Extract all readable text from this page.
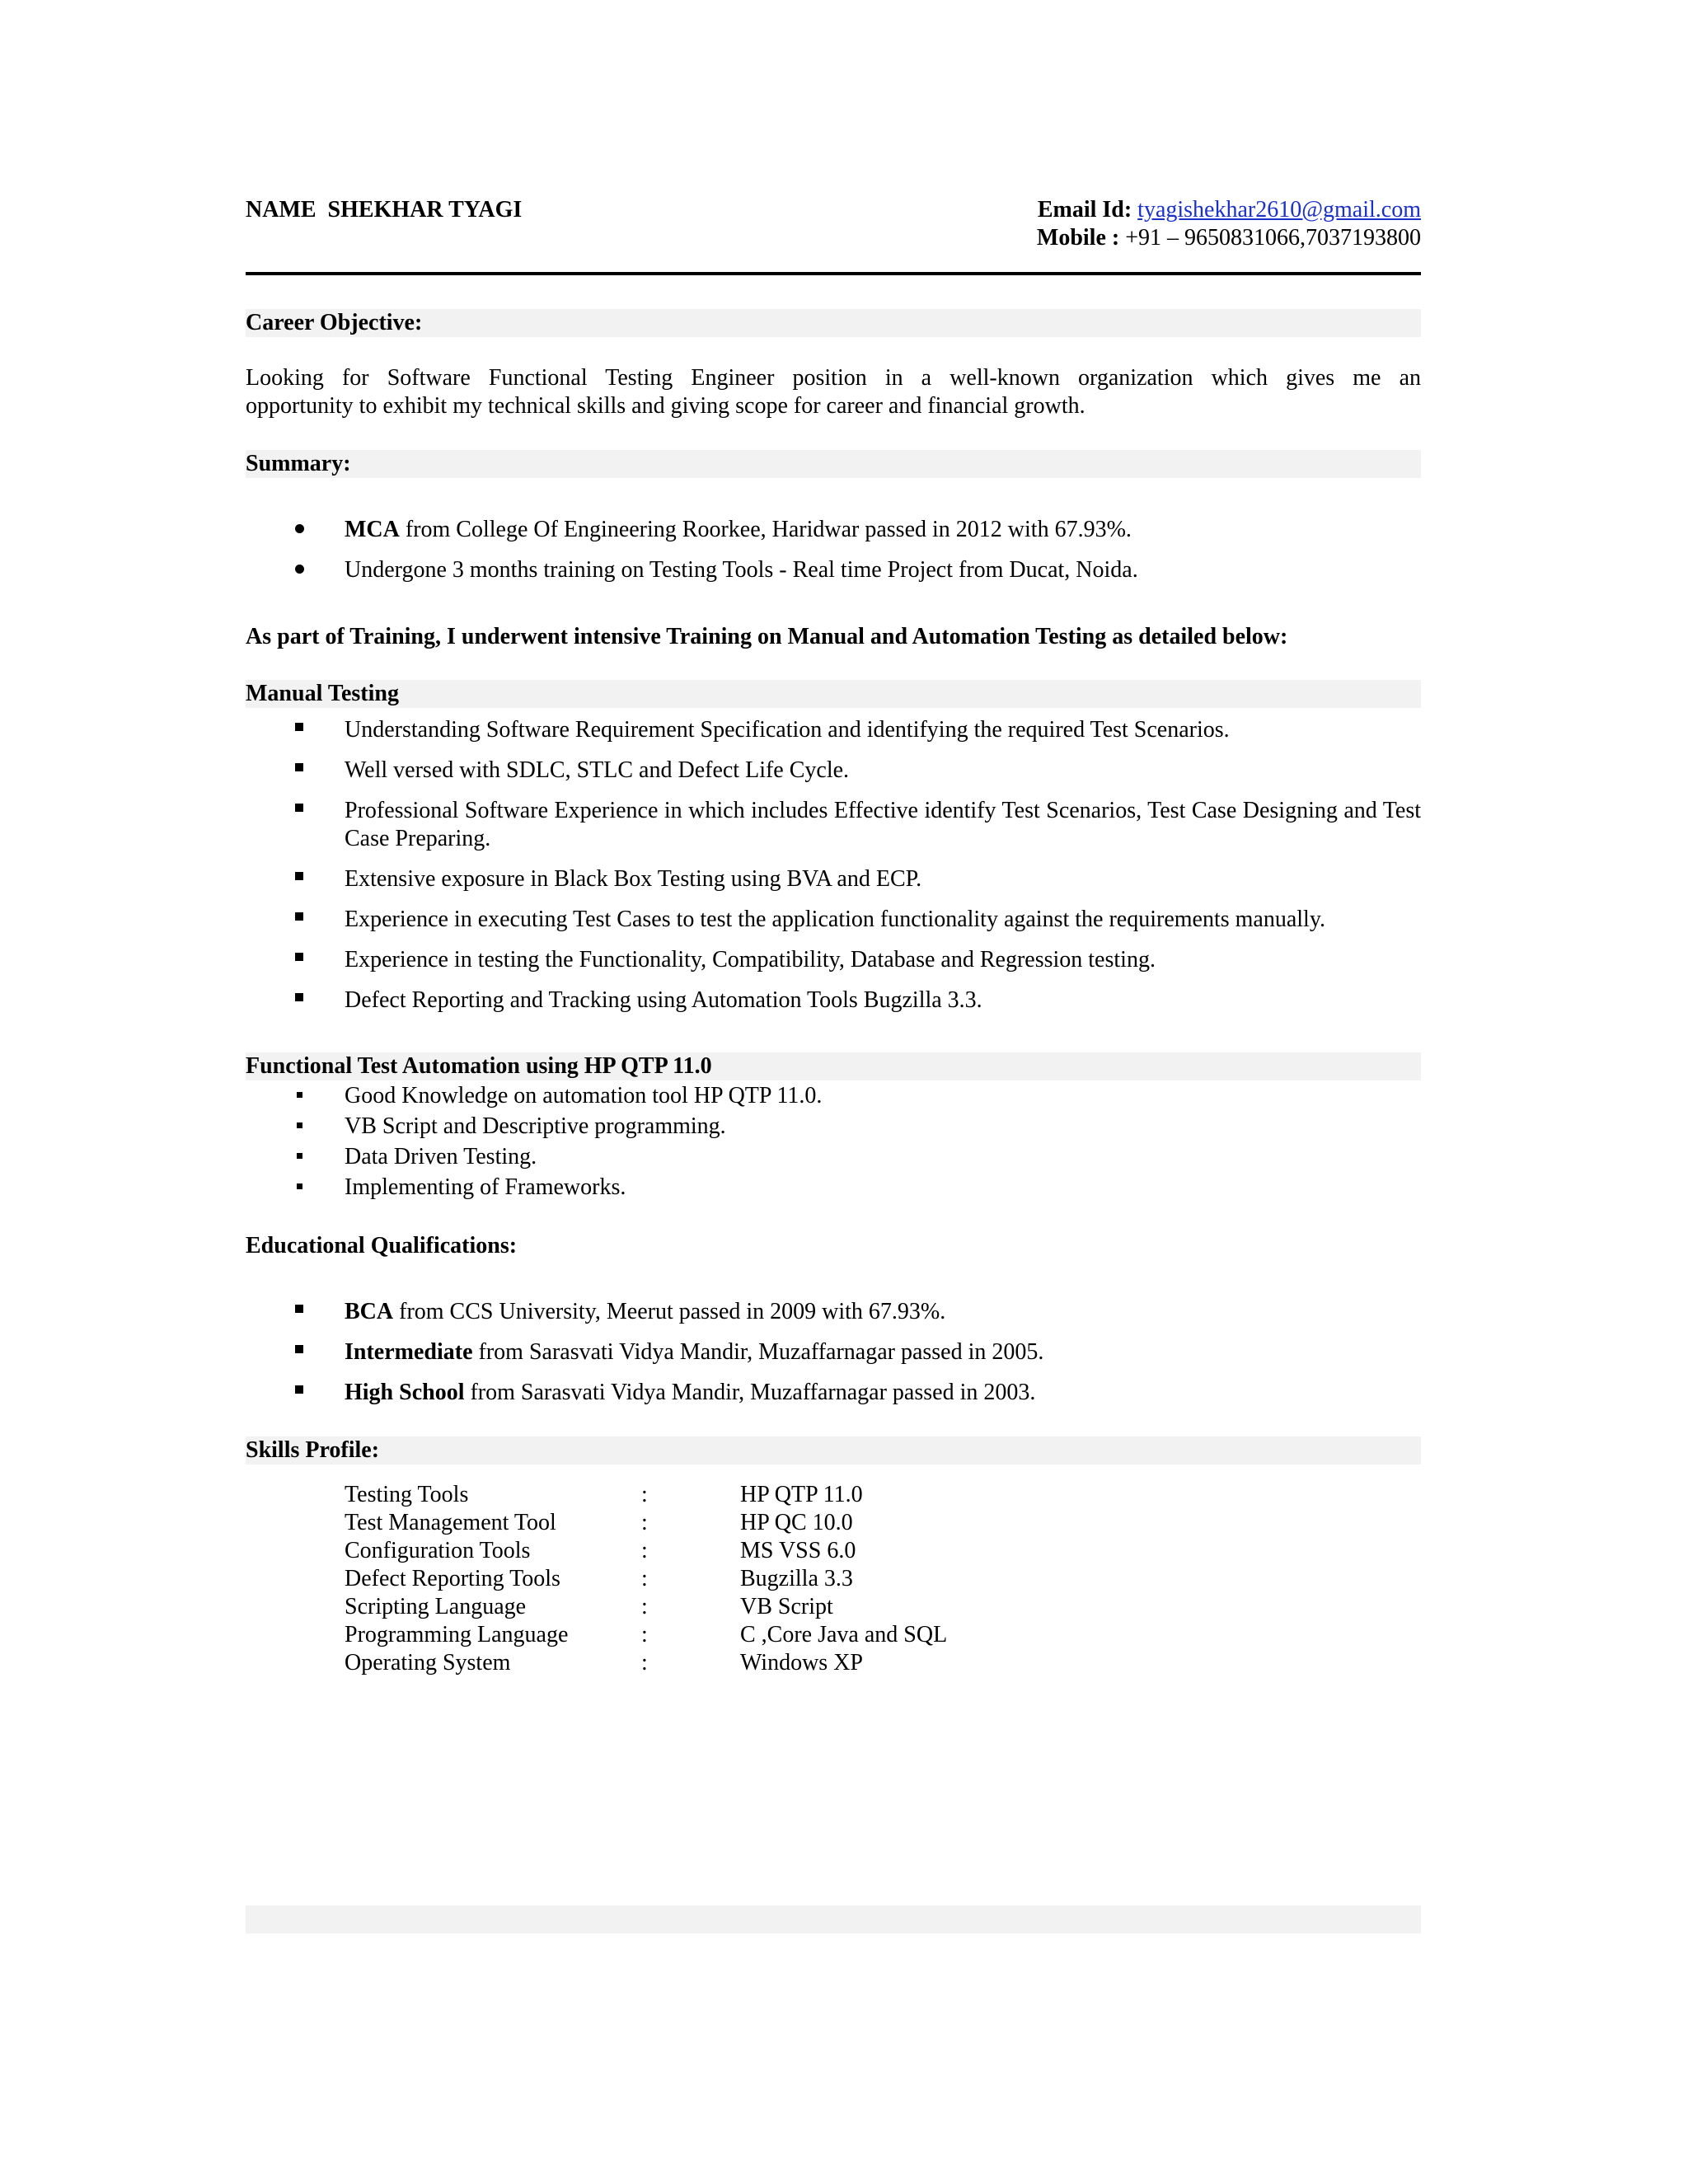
NAME  SHEKHAR TYAGI	Email Id: tyagishekhar2610@gmail.com
Mobile : +91 – 9650831066,7037193800
Career Objective:
Looking for Software Functional Testing Engineer position in a well-known organization which gives me an
opportunity to exhibit my technical skills and giving scope for career and financial growth.
Summary:
MCA from College Of Engineering Roorkee, Haridwar passed in 2012 with 67.93%.
Undergone 3 months training on Testing Tools - Real time Project from Ducat, Noida.
As part of Training, I underwent intensive Training on Manual and Automation Testing as detailed below:
Manual Testing
Understanding Software Requirement Specification and identifying the required Test Scenarios.
Well versed with SDLC, STLC and Defect Life Cycle.
Professional Software Experience in which includes Effective identify Test Scenarios, Test Case Designing and Test Case Preparing.
Extensive exposure in Black Box Testing using BVA and ECP.
Experience in executing Test Cases to test the application functionality against the requirements manually.
Experience in testing the Functionality, Compatibility, Database and Regression testing.
Defect Reporting and Tracking using Automation Tools Bugzilla 3.3.
Functional Test Automation using HP QTP 11.0
Good Knowledge on automation tool HP QTP 11.0.
VB Script and Descriptive programming.
Data Driven Testing.
Implementing of Frameworks.
Educational Qualifications:
BCA from CCS University, Meerut passed in 2009 with 67.93%.
Intermediate from Sarasvati Vidya Mandir, Muzaffarnagar passed in 2005.
High School from Sarasvati Vidya Mandir, Muzaffarnagar passed in 2003.
Skills Profile:
Testing Tools	:	HP QTP 11.0
Test Management Tool	:	HP QC 10.0
Configuration Tools	:	MS VSS 6.0
Defect Reporting Tools	:	Bugzilla 3.3
Scripting Language	:	VB Script
Programming Language	:	C ,Core Java and SQL
Operating System	:	Windows XP
